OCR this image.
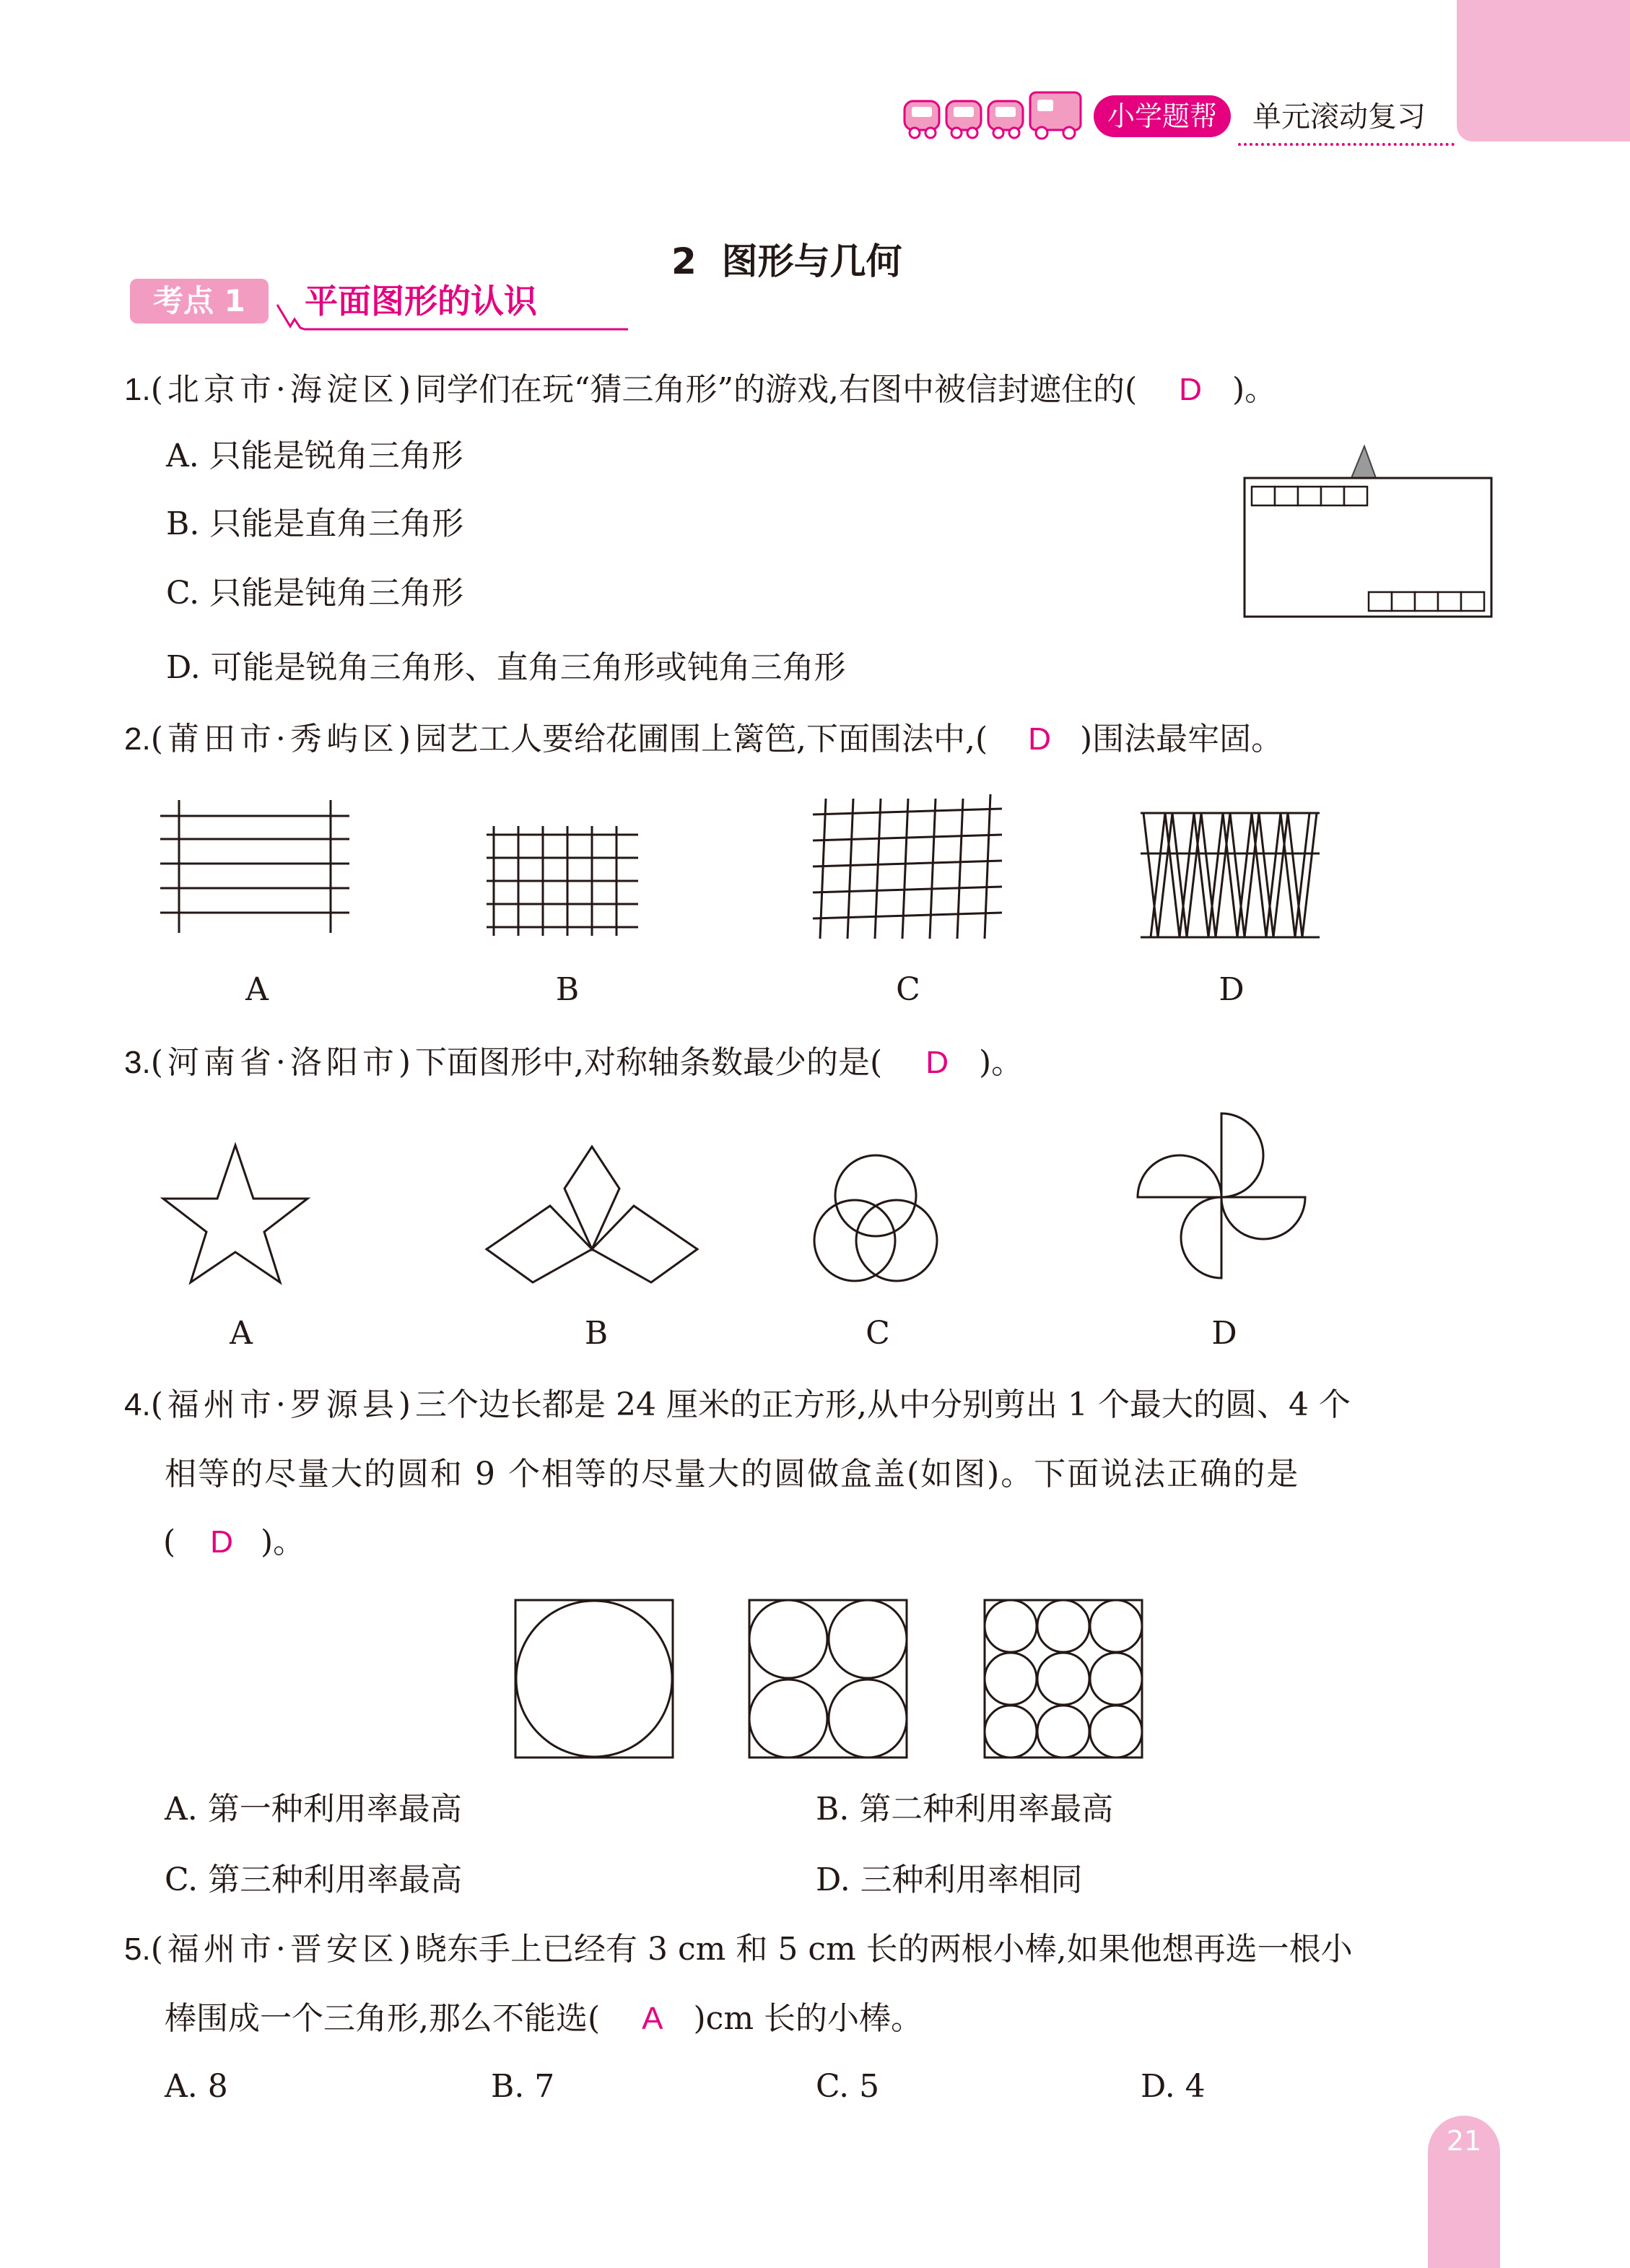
小学题帮	单元滚动复习
2  图形与几何
考点 1	平面图形的认识
1.(北京市·海淀区)同学们在玩“猜三角形”的游戏,右图中被信封遮住的( D )。
A. 只能是锐角三角形
B. 只能是直角三角形
C. 只能是钝角三角形
D. 可能是锐角三角形、直角三角形或钝角三角形
2.(莆田市·秀屿区)园艺工人要给花圃围上篱笆,下面围法中,( D )围法最牢固。
A	B	C	D
3.(河南省·洛阳市)下面图形中,对称轴条数最少的是( D )。
A	B	C	D
4.(福州市·罗源县)三个边长都是 24 厘米的正方形,从中分别剪出 1 个最大的圆、4 个
相等的尽量大的圆和 9 个相等的尽量大的圆做盒盖(如图)。下面说法正确的是
( D )。
A. 第一种利用率最高	B. 第二种利用率最高
C. 第三种利用率最高	D. 三种利用率相同
5.(福州市·晋安区)晓东手上已经有 3 cm 和 5 cm 长的两根小棒,如果他想再选一根小
棒围成一个三角形,那么不能选( A )cm 长的小棒。
A. 8	B. 7	C. 5	D. 4
21
